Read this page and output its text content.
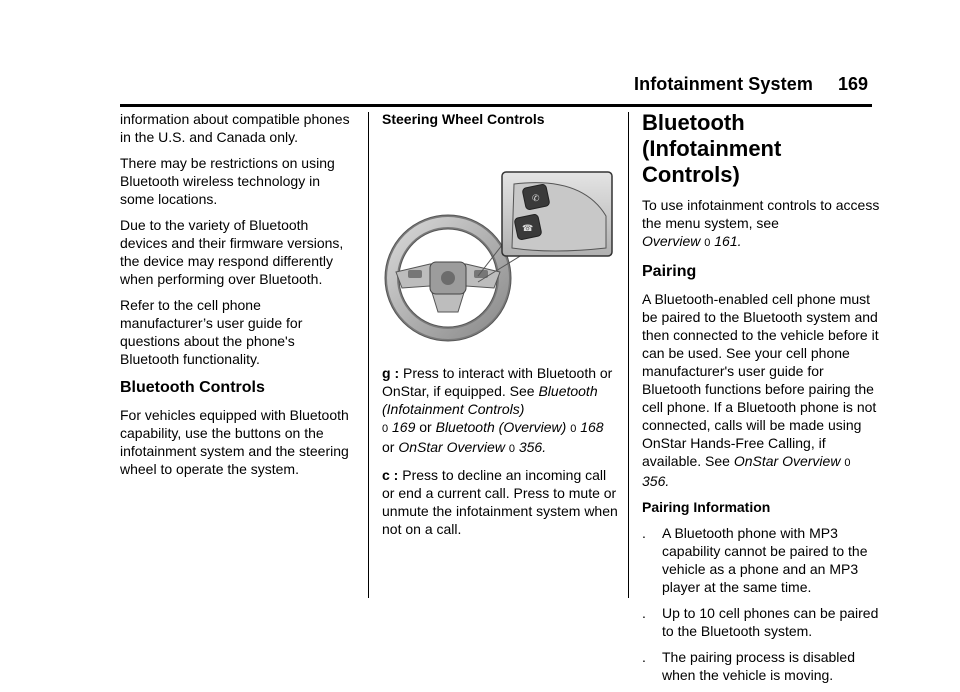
Infotainment System 169

information about compatible phones in the U.S. and Canada only.

There may be restrictions on using Bluetooth wireless technology in some locations.

Due to the variety of Bluetooth devices and their firmware versions, the device may respond differently when performing over Bluetooth.

Refer to the cell phone manufacturer’s user guide for questions about the phone's Bluetooth functionality.

Bluetooth Controls

For vehicles equipped with Bluetooth capability, use the buttons on the infotainment system and the steering wheel to operate the system.

Steering Wheel Controls

✆
☎

g : Press to interact with Bluetooth or OnStar, if equipped. See Bluetooth (Infotainment Controls)
0 169 or Bluetooth (Overview) 0 168
or OnStar Overview 0 356.

c : Press to decline an incoming call or end a current call. Press to mute or unmute the infotainment system when not on a call.

Bluetooth (Infotainment Controls)

To use infotainment controls to access the menu system, see
Overview 0 161.

Pairing

A Bluetooth-enabled cell phone must be paired to the Bluetooth system and then connected to the vehicle before it can be used. See your cell phone manufacturer's user guide for Bluetooth functions before pairing the cell phone. If a Bluetooth phone is not connected, calls will be made using OnStar Hands-Free Calling, if available. See OnStar Overview 0 356.

Pairing Information

.	A Bluetooth phone with MP3 capability cannot be paired to the vehicle as a phone and an MP3 player at the same time.
.	Up to 10 cell phones can be paired to the Bluetooth system.
.	The pairing process is disabled when the vehicle is moving.
